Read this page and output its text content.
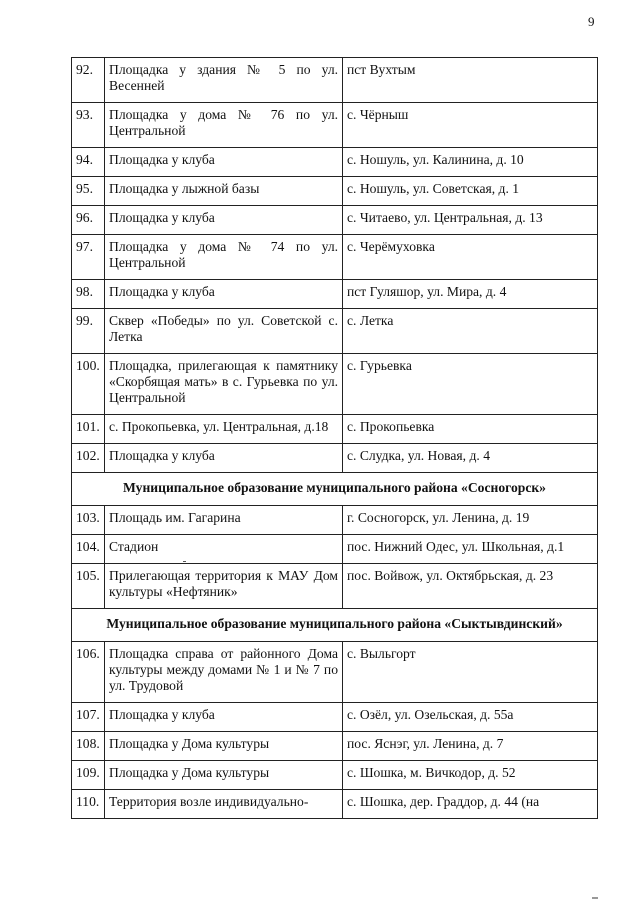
9
92.	Площадка у здания № 5 по ул. Весенней	пст Вухтым
93.	Площадка у дома № 76 по ул. Центральной	с. Чёрныш
94.	Площадка у клуба	с. Ношуль, ул. Калинина, д. 10
95.	Площадка у лыжной базы	с. Ношуль, ул. Советская, д. 1
96.	Площадка у клуба	с. Читаево, ул. Центральная, д. 13
97.	Площадка у дома № 74 по ул. Центральной	с. Черёмуховка
98.	Площадка у клуба	пст Гуляшор, ул. Мира, д. 4
99.	Сквер «Победы» по ул. Советской с. Летка	с. Летка
100.	Площадка, прилегающая к памятнику «Скорбящая мать» в с. Гурьевка по ул. Центральной	с. Гурьевка
101.	с. Прокопьевка, ул. Центральная, д.18	с. Прокопьевка
102.	Площадка у клуба	с. Слудка, ул. Новая, д. 4
Муниципальное образование муниципального района «Сосногорск»		
103.	Площадь им. Гагарина	г. Сосногорск, ул. Ленина, д. 19
104.	Стадион	пос. Нижний Одес, ул. Школьная, д.1
105.	Прилегающая территория к МАУ Дом культуры «Нефтяник»	пос. Войвож, ул. Октябрьская, д. 23
Муниципальное образование муниципального района «Сыктывдинский»		
106.	Площадка справа от районного Дома культуры между домами № 1 и № 7 по ул. Трудовой	с. Выльгорт
107.	Площадка у клуба	с. Озёл, ул. Озельская, д. 55а
108.	Площадка у Дома культуры	пос. Яснэг, ул. Ленина, д. 7
109.	Площадка у Дома культуры	с. Шошка, м. Вичкодор, д. 52
110.	Территория возле индивидуально-	с. Шошка, дер. Граддор, д. 44 (на
